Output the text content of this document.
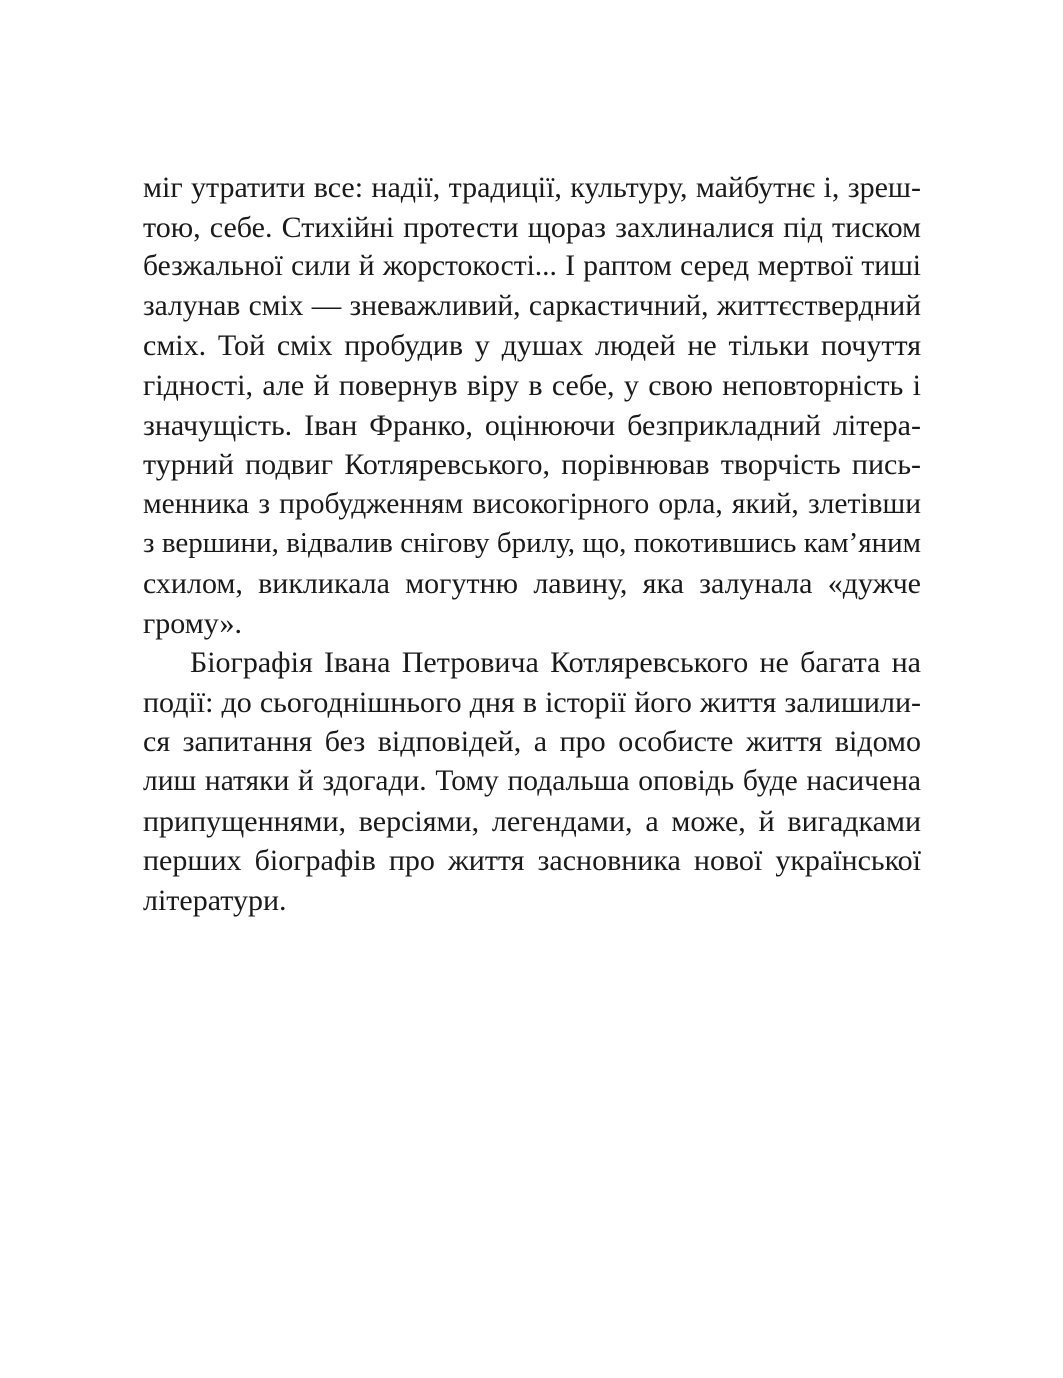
міг утратити все: надії, традиції, культуру, майбутнє і, зреш-
тою, себе. Стихійні протести щораз захлиналися під тиском
безжальної сили й жорстокості... І раптом серед мертвої тиші
залунав сміх — зневажливий, саркастичний, життєствердний
сміх. Той сміх пробудив у душах людей не тільки почуття
гідності, але й повернув віру в себе, у свою неповторність і
значущість. Іван Франко, оцінюючи безприкладний літера-
турний подвиг Котляревського, порівнював творчість пись-
менника з пробудженням високогірного орла, який, злетівши
з вершини, відвалив снігову брилу, що, покотившись кам’яним
схилом, викликала могутню лавину, яка залунала «дужче
грому».
Біографія Івана Петровича Котляревського не багата на
події: до сьогоднішнього дня в історії його життя залишили-
ся запитання без відповідей, а про особисте життя відомо
лиш натяки й здогади. Тому подальша оповідь буде насичена
припущеннями, версіями, легендами, а може, й вигадками
перших біографів про життя засновника нової української
літератури.
